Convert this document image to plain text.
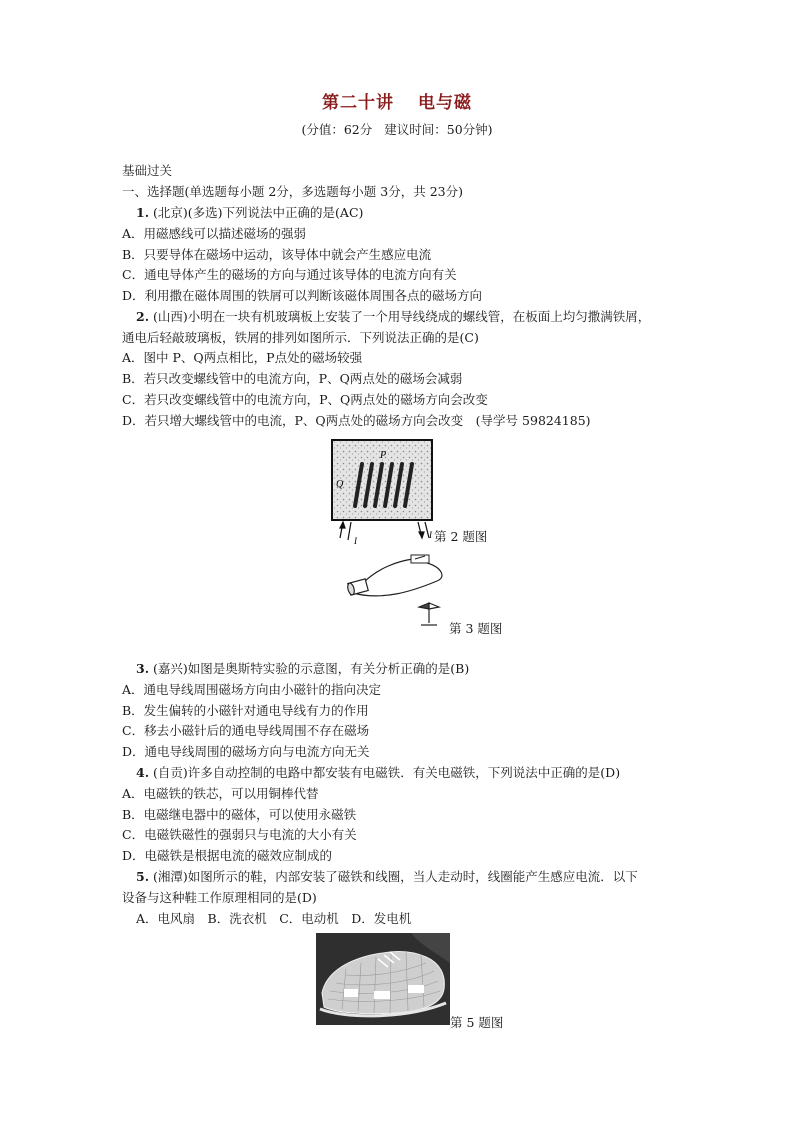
第二十讲 电与磁
(分值：62分 建议时间：50分钟)
基础过关
一、选择题(单选题每小题 2分，多选题每小题 3分，共 23分)
1. (北京)(多选)下列说法中正确的是(AC)
A．用磁感线可以描述磁场的强弱
B．只要导体在磁场中运动，该导体中就会产生感应电流
C．通电导体产生的磁场的方向与通过该导体的电流方向有关
D．利用撒在磁体周围的铁屑可以判断该磁体周围各点的磁场方向
2. (山西)小明在一块有机玻璃板上安装了一个用导线绕成的螺线管，在板面上均匀撒满铁屑，
通电后轻敲玻璃板，铁屑的排列如图所示．下列说法正确的是(C)
A．图中 P、Q两点相比，P点处的磁场较强
B．若只改变螺线管中的电流方向，P、Q两点处的磁场会减弱
C．若只改变螺线管中的电流方向，P、Q两点处的磁场方向会改变
D．若只增大螺线管中的电流，P、Q两点处的磁场方向会改变　(导学号 59824185)
P
Q
I
I 第 2 题图
第 3 题图
3. (嘉兴)如图是奥斯特实验的示意图，有关分析正确的是(B)
A．通电导线周围磁场方向由小磁针的指向决定
B．发生偏转的小磁针对通电导线有力的作用
C．移去小磁针后的通电导线周围不存在磁场
D．通电导线周围的磁场方向与电流方向无关
4. (自贡)许多自动控制的电路中都安装有电磁铁．有关电磁铁，下列说法中正确的是(D)
A．电磁铁的铁芯，可以用铜棒代替
B．电磁继电器中的磁体，可以使用永磁铁
C．电磁铁磁性的强弱只与电流的大小有关
D．电磁铁是根据电流的磁效应制成的
5. (湘潭)如图所示的鞋，内部安装了磁铁和线圈，当人走动时，线圈能产生感应电流．以下
设备与这种鞋工作原理相同的是(D)
A．电风扇　B．洗衣机　C．电动机　D．发电机
第 5 题图
